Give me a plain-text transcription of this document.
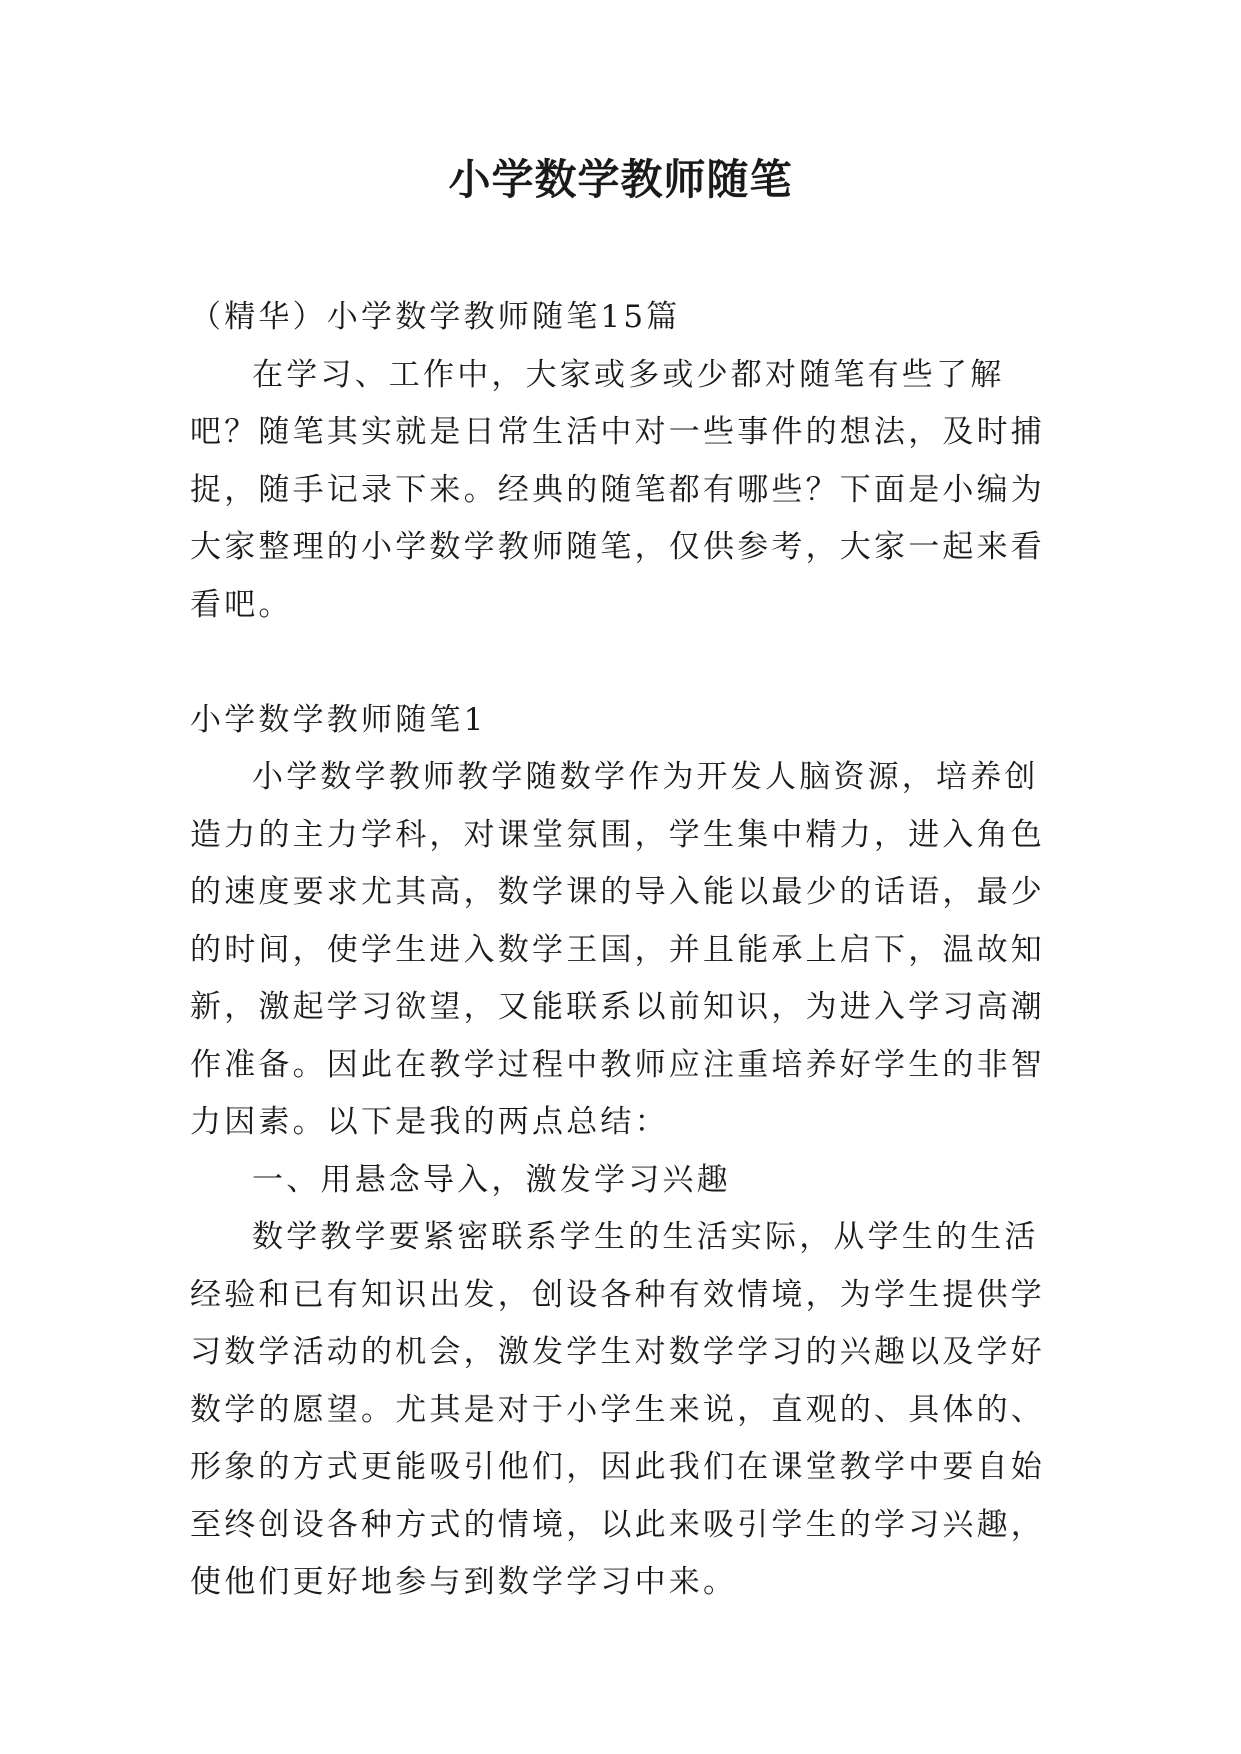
小学数学教师随笔

（精华）小学数学教师随笔15篇

在学习、工作中，大家或多或少都对随笔有些了解吧？随笔其实就是日常生活中对一些事件的想法，及时捕捉，随手记录下来。经典的随笔都有哪些？下面是小编为大家整理的小学数学教师随笔，仅供参考，大家一起来看看吧。

小学数学教师随笔1

小学数学教师教学随数学作为开发人脑资源，培养创造力的主力学科，对课堂氛围，学生集中精力，进入角色的速度要求尤其高，数学课的导入能以最少的话语，最少的时间，使学生进入数学王国，并且能承上启下，温故知新，激起学习欲望，又能联系以前知识，为进入学习高潮作准备。因此在教学过程中教师应注重培养好学生的非智力因素。以下是我的两点总结：

一、用悬念导入，激发学习兴趣

数学教学要紧密联系学生的生活实际，从学生的生活经验和已有知识出发，创设各种有效情境，为学生提供学习数学活动的机会，激发学生对数学学习的兴趣以及学好数学的愿望。尤其是对于小学生来说，直观的、具体的、形象的方式更能吸引他们，因此我们在课堂教学中要自始至终创设各种方式的情境，以此来吸引学生的学习兴趣，使他们更好地参与到数学学习中来。
